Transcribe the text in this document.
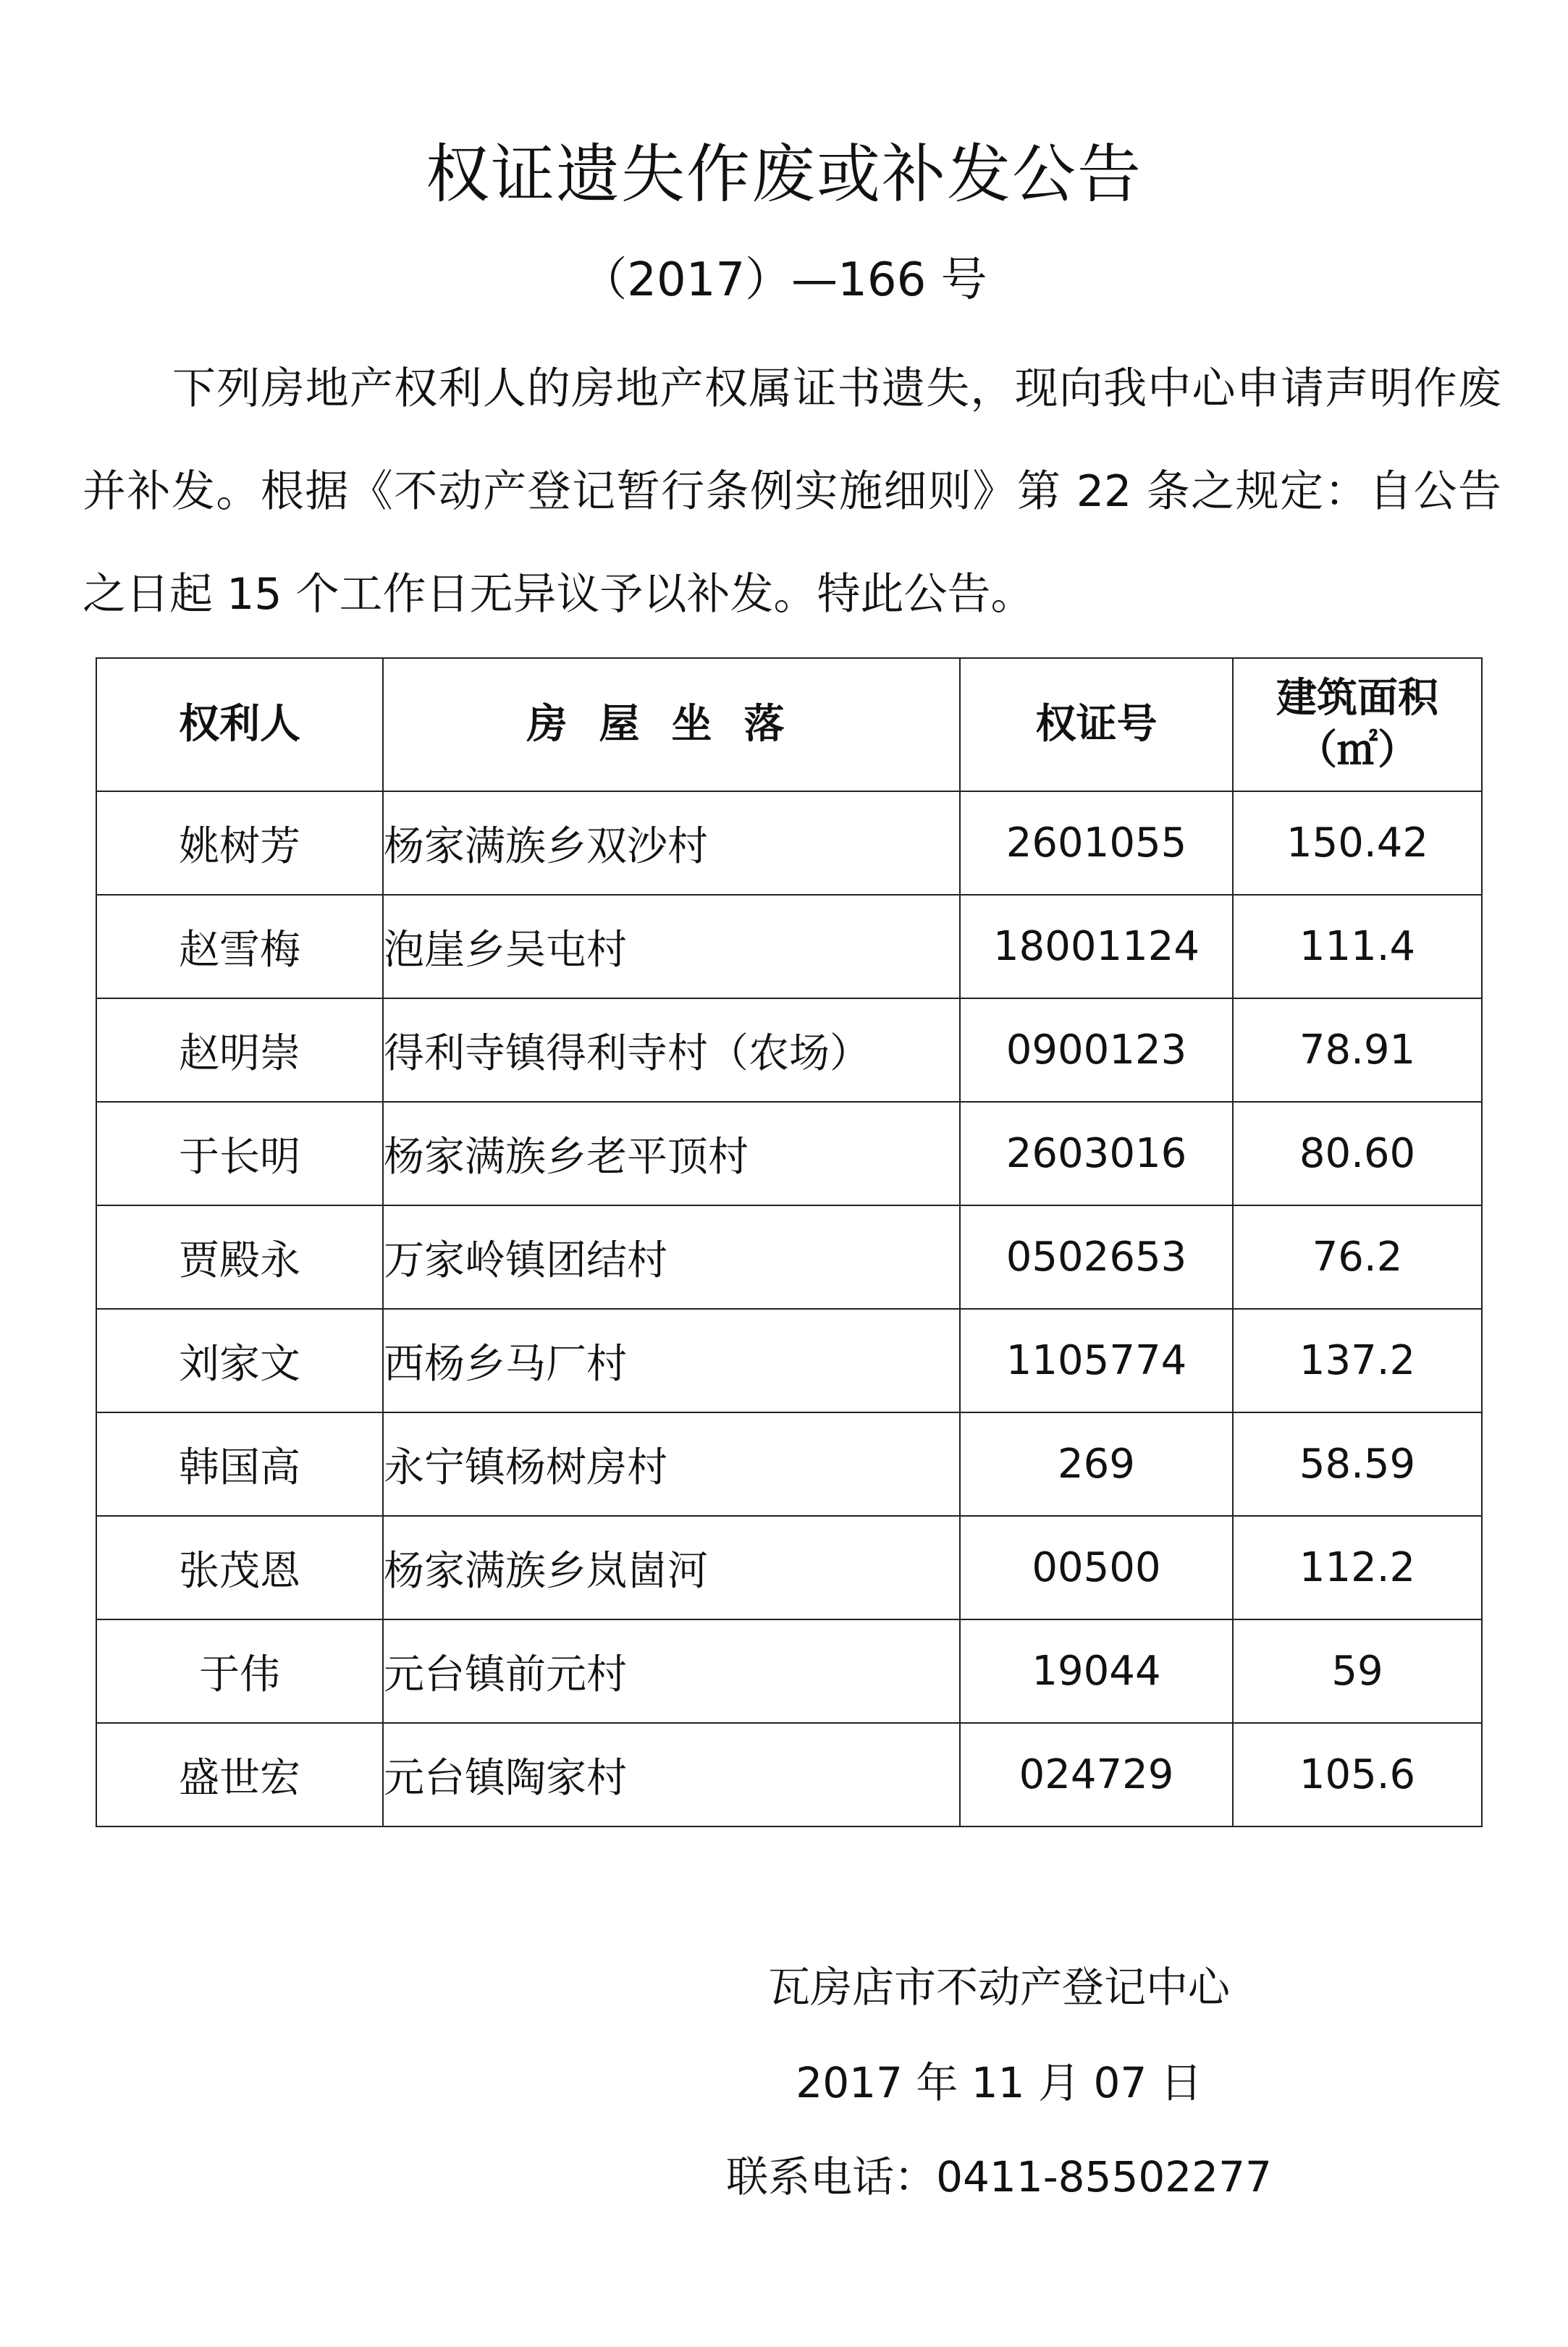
权证遗失作废或补发公告
（2017）—166 号

下列房地产权利人的房地产权属证书遗失，现向我中心申请声明作废并补发。根据《不动产登记暂行条例实施细则》第 22 条之规定：自公告之日起 15 个工作日无异议予以补发。特此公告。

权利人	房屋坐落	权证号	建筑面积
（㎡）

姚树芳	杨家满族乡双沙村	2601055	150.42
赵雪梅	泡崖乡吴屯村	18001124	111.4
赵明崇	得利寺镇得利寺村（农场）	0900123	78.91
于长明	杨家满族乡老平顶村	2603016	80.60
贾殿永	万家岭镇团结村	0502653	76.2
刘家文	西杨乡马厂村	1105774	137.2
韩国高	永宁镇杨树房村	269	58.59
张茂恩	杨家满族乡岚崮河	00500	112.2
于伟	元台镇前元村	19044	59
盛世宏	元台镇陶家村	024729	105.6
瓦房店市不动产登记中心
2017 年 11 月 07 日
联系电话：0411-85502277
